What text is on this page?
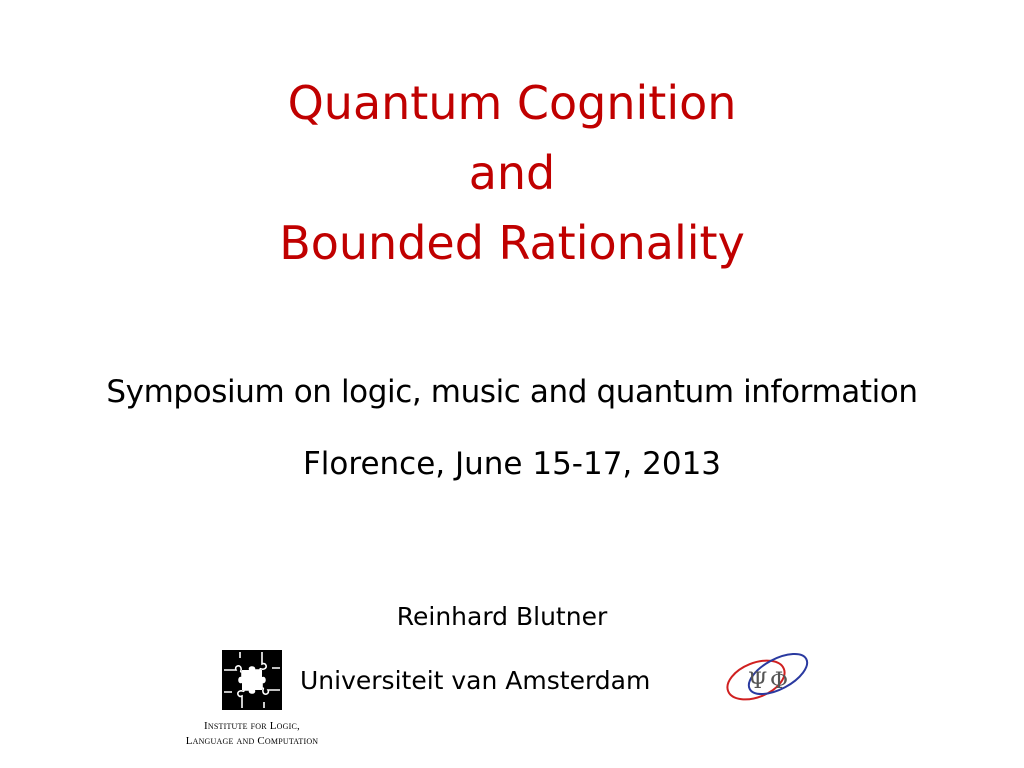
Quantum Cognition
and
Bounded Rationality
Symposium on logic, music and quantum information
Florence, June 15-17, 2013
Reinhard Blutner
Institute for Logic,
Language and Computation
Universiteit van Amsterdam	Ψ Φ
